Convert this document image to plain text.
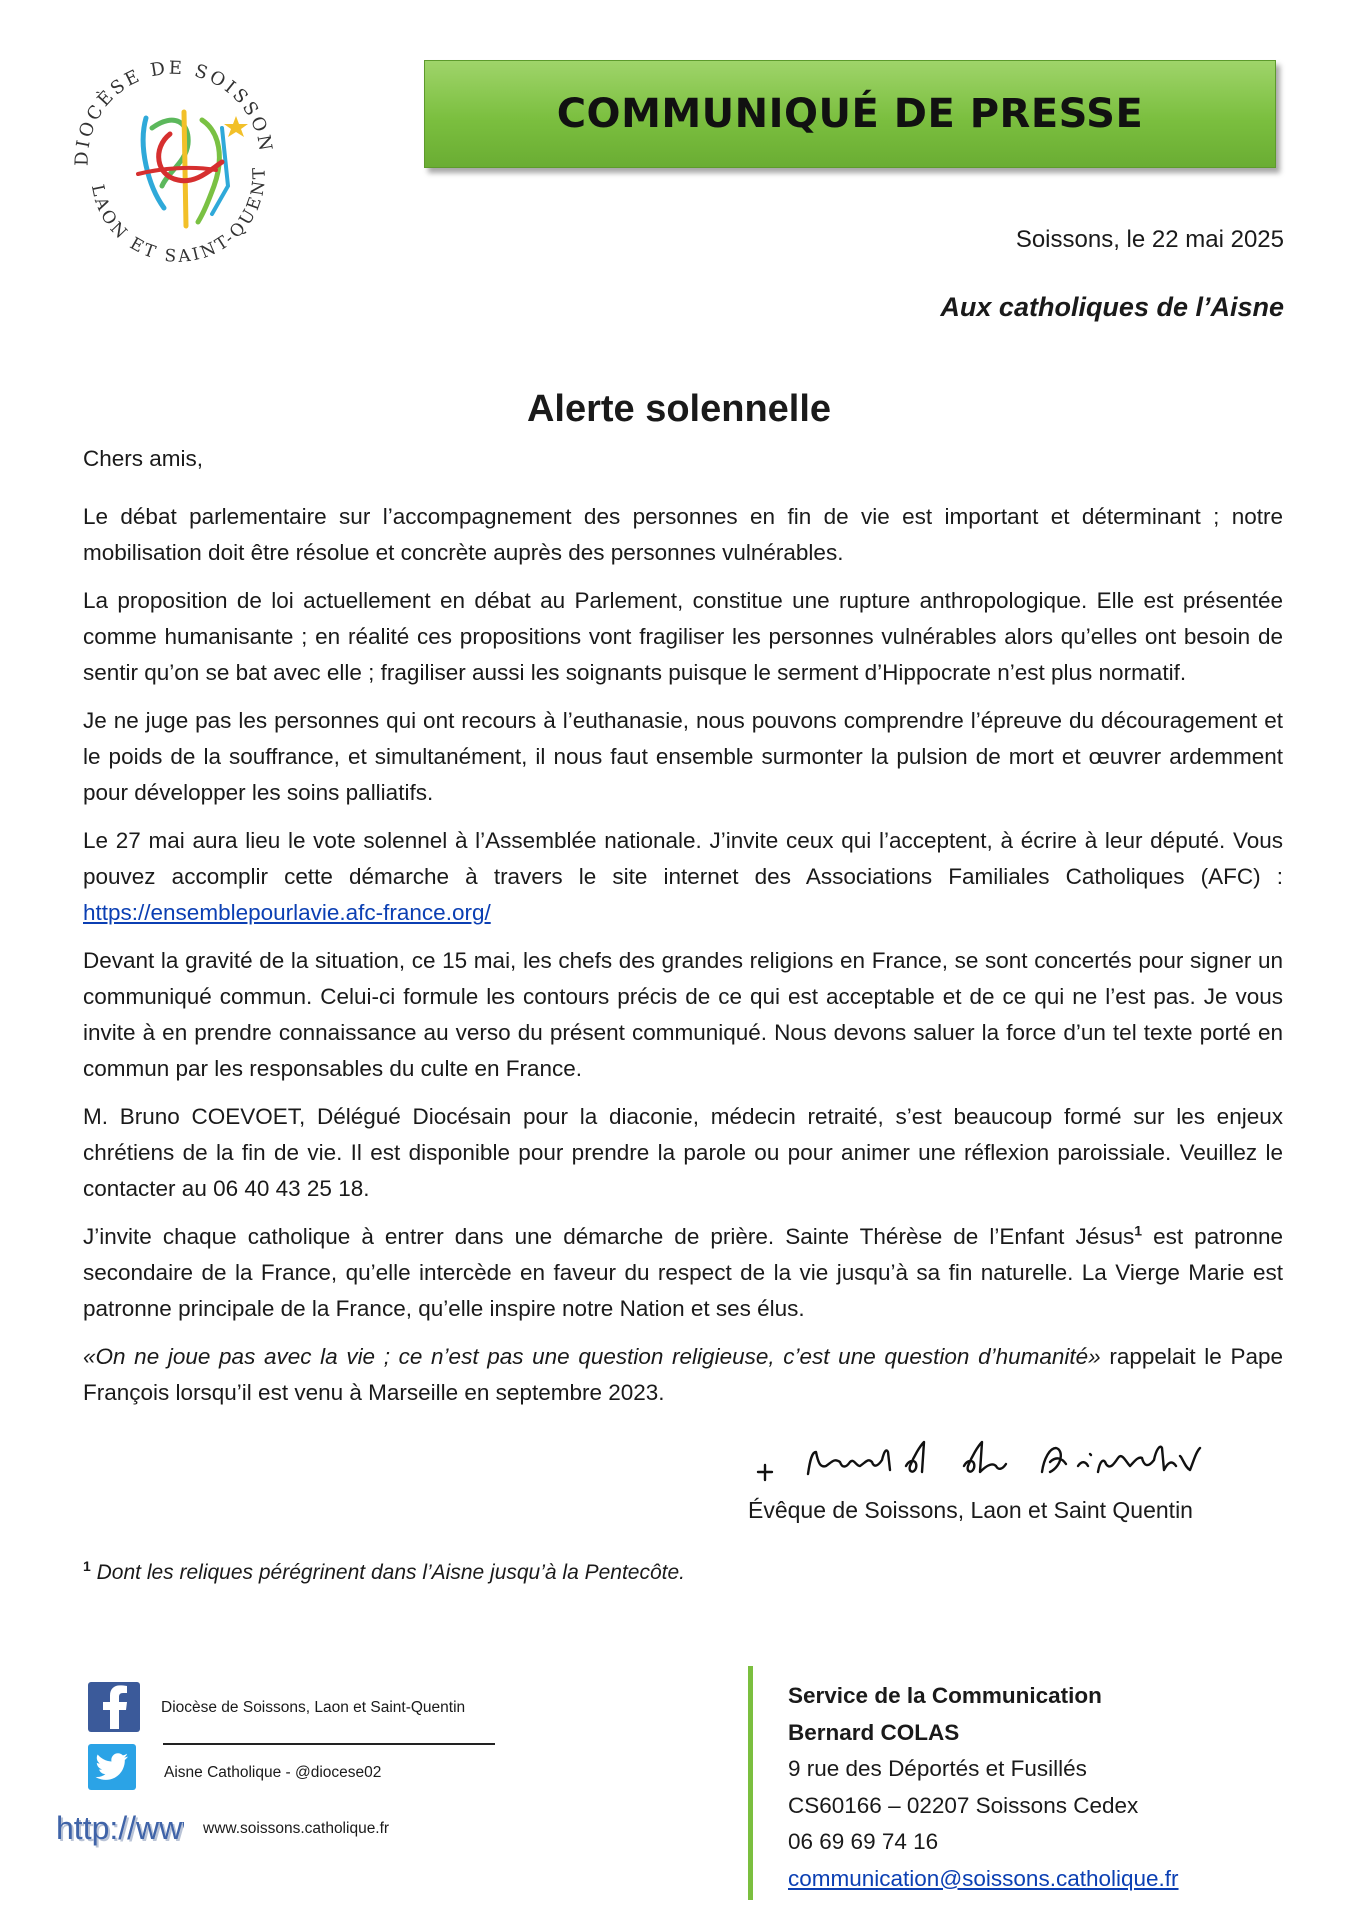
DIOCÈSE DE SOISSON
LAON ET SAINT-QUENT
COMMUNIQUÉ DE PRESSE
Soissons, le 22 mai 2025
Aux catholiques de l’Aisne
Alerte solennelle

Chers amis,

Le débat parlementaire sur l’accompagnement des personnes en fin de vie est important et déterminant ; notre mobilisation doit être résolue et concrète auprès des personnes vulnérables.

La proposition de loi actuellement en débat au Parlement, constitue une rupture anthropologique. Elle est présentée comme humanisante ; en réalité ces propositions vont fragiliser les personnes vulnérables alors qu’elles ont besoin de sentir qu’on se bat avec elle ; fragiliser aussi les soignants puisque le serment d’Hippocrate n’est plus normatif.

Je ne juge pas les personnes qui ont recours à l’euthanasie, nous pouvons comprendre l’épreuve du découragement et le poids de la souffrance, et simultanément, il nous faut ensemble surmonter la pulsion de mort et œuvrer ardemment pour développer les soins palliatifs.

Le 27 mai aura lieu le vote solennel à l’Assemblée nationale. J’invite ceux qui l’acceptent, à écrire à leur député. Vous pouvez accomplir cette démarche à travers le site internet des Associations Familiales Catholiques (AFC) : https://ensemblepourlavie.afc-france.org/

Devant la gravité de la situation, ce 15 mai, les chefs des grandes religions en France, se sont concertés pour signer un communiqué commun. Celui-ci formule les contours précis de ce qui est acceptable et de ce qui ne l’est pas. Je vous invite à en prendre connaissance au verso du présent communiqué. Nous devons saluer la force d’un tel texte porté en commun par les responsables du culte en France.

M. Bruno COEVOET, Délégué Diocésain pour la diaconie, médecin retraité, s’est beaucoup formé sur les enjeux chrétiens de la fin de vie. Il est disponible pour prendre la parole ou pour animer une réflexion paroissiale. Veuillez le contacter au 06 40 43 25 18.

J’invite chaque catholique à entrer dans une démarche de prière. Sainte Thérèse de l’Enfant Jésus$^1$ est patronne secondaire de la France, qu’elle intercède en faveur du respect de la vie jusqu’à sa fin naturelle. La Vierge Marie est patronne principale de la France, qu’elle inspire notre Nation et ses élus.

«On ne joue pas avec la vie ; ce n’est pas une question religieuse, c’est une question d’humanité» rappelait le Pape François lorsqu’il est venu à Marseille en septembre 2023.

Évêque de Soissons, Laon et Saint Quentin
$^1$ Dont les reliques pérégrinent dans l’Aisne jusqu’à la Pentecôte.
Diocèse de Soissons, Laon et Saint-Quentin
Aisne Catholique - @diocese02
http://ww
http://ww	www.soissons.catholique.fr
Service de la Communication
Bernard COLAS
9 rue des Déportés et Fusillés
CS60166 – 02207 Soissons Cedex
06 69 69 74 16
communication@soissons.catholique.fr
